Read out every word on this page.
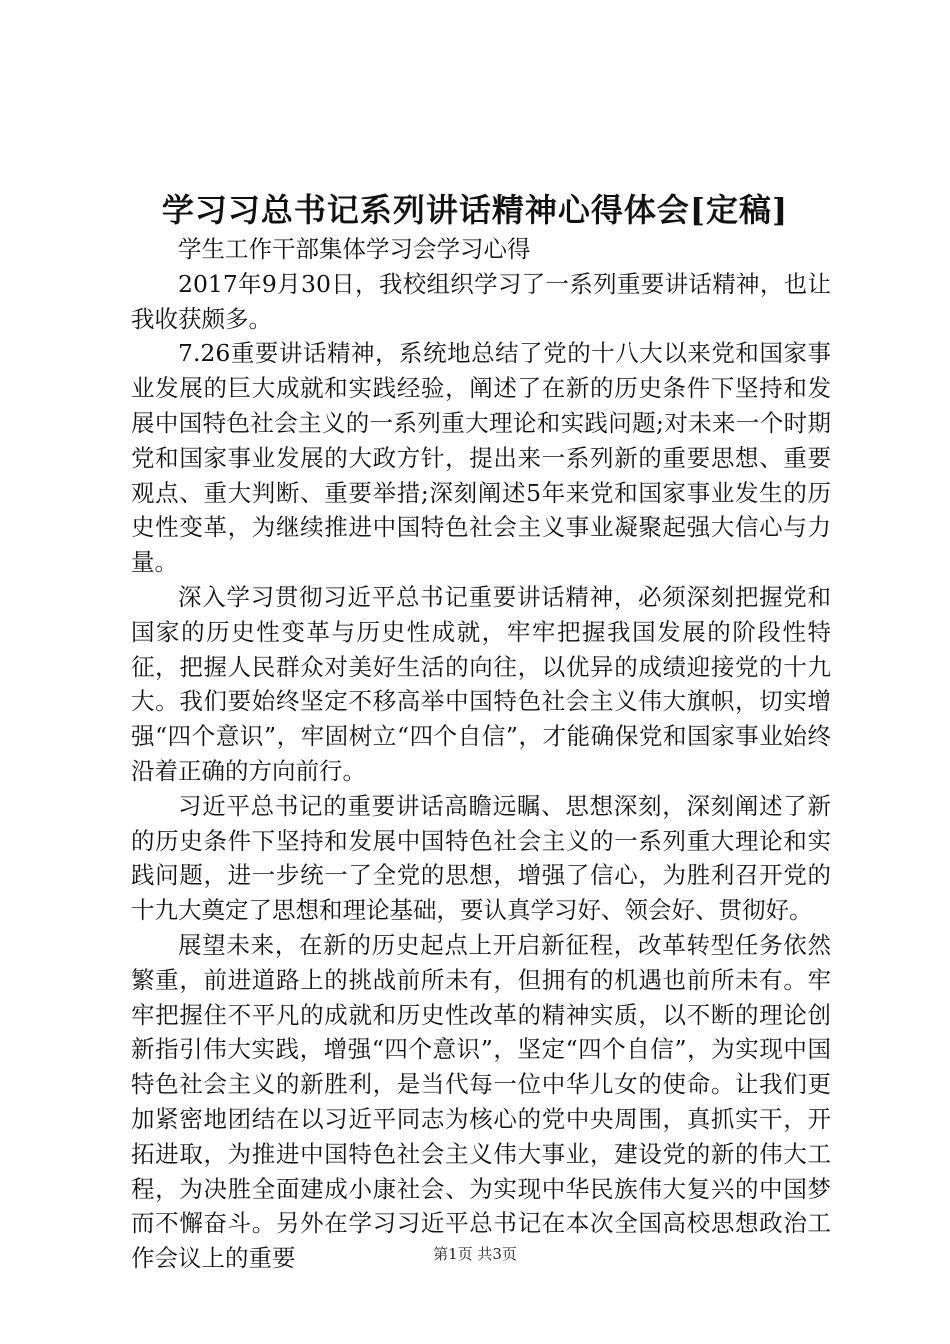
学习习总书记系列讲话精神心得体会[定稿]

学生工作干部集体学习会学习心得

2017年9月30日，我校组织学习了一系列重要讲话精神，也让我收获颇多。

7.26重要讲话精神，系统地总结了党的十八大以来党和国家事业发展的巨大成就和实践经验，阐述了在新的历史条件下坚持和发展中国特色社会主义的一系列重大理论和实践问题;对未来一个时期党和国家事业发展的大政方针，提出来一系列新的重要思想、重要观点、重大判断、重要举措;深刻阐述5年来党和国家事业发生的历史性变革，为继续推进中国特色社会主义事业凝聚起强大信心与力量。

深入学习贯彻习近平总书记重要讲话精神，必须深刻把握党和国家的历史性变革与历史性成就，牢牢把握我国发展的阶段性特征，把握人民群众对美好生活的向往，以优异的成绩迎接党的十九大。我们要始终坚定不移高举中国特色社会主义伟大旗帜，切实增强“四个意识”，牢固树立“四个自信”，才能确保党和国家事业始终沿着正确的方向前行。

习近平总书记的重要讲话高瞻远瞩、思想深刻，深刻阐述了新的历史条件下坚持和发展中国特色社会主义的一系列重大理论和实践问题，进一步统一了全党的思想，增强了信心，为胜利召开党的十九大奠定了思想和理论基础，要认真学习好、领会好、贯彻好。

展望未来，在新的历史起点上开启新征程，改革转型任务依然繁重，前进道路上的挑战前所未有，但拥有的机遇也前所未有。牢牢把握住不平凡的成就和历史性改革的精神实质，以不断的理论创新指引伟大实践，增强“四个意识”，坚定“四个自信”，为实现中国特色社会主义的新胜利，是当代每一位中华儿女的使命。让我们更加紧密地团结在以习近平同志为核心的党中央周围，真抓实干，开拓进取，为推进中国特色社会主义伟大事业，建设党的新的伟大工程，为决胜全面建成小康社会、为实现中华民族伟大复兴的中国梦而不懈奋斗。另外在学习习近平总书记在本次全国高校思想政治工作会议上的重要	第1页 共3页
